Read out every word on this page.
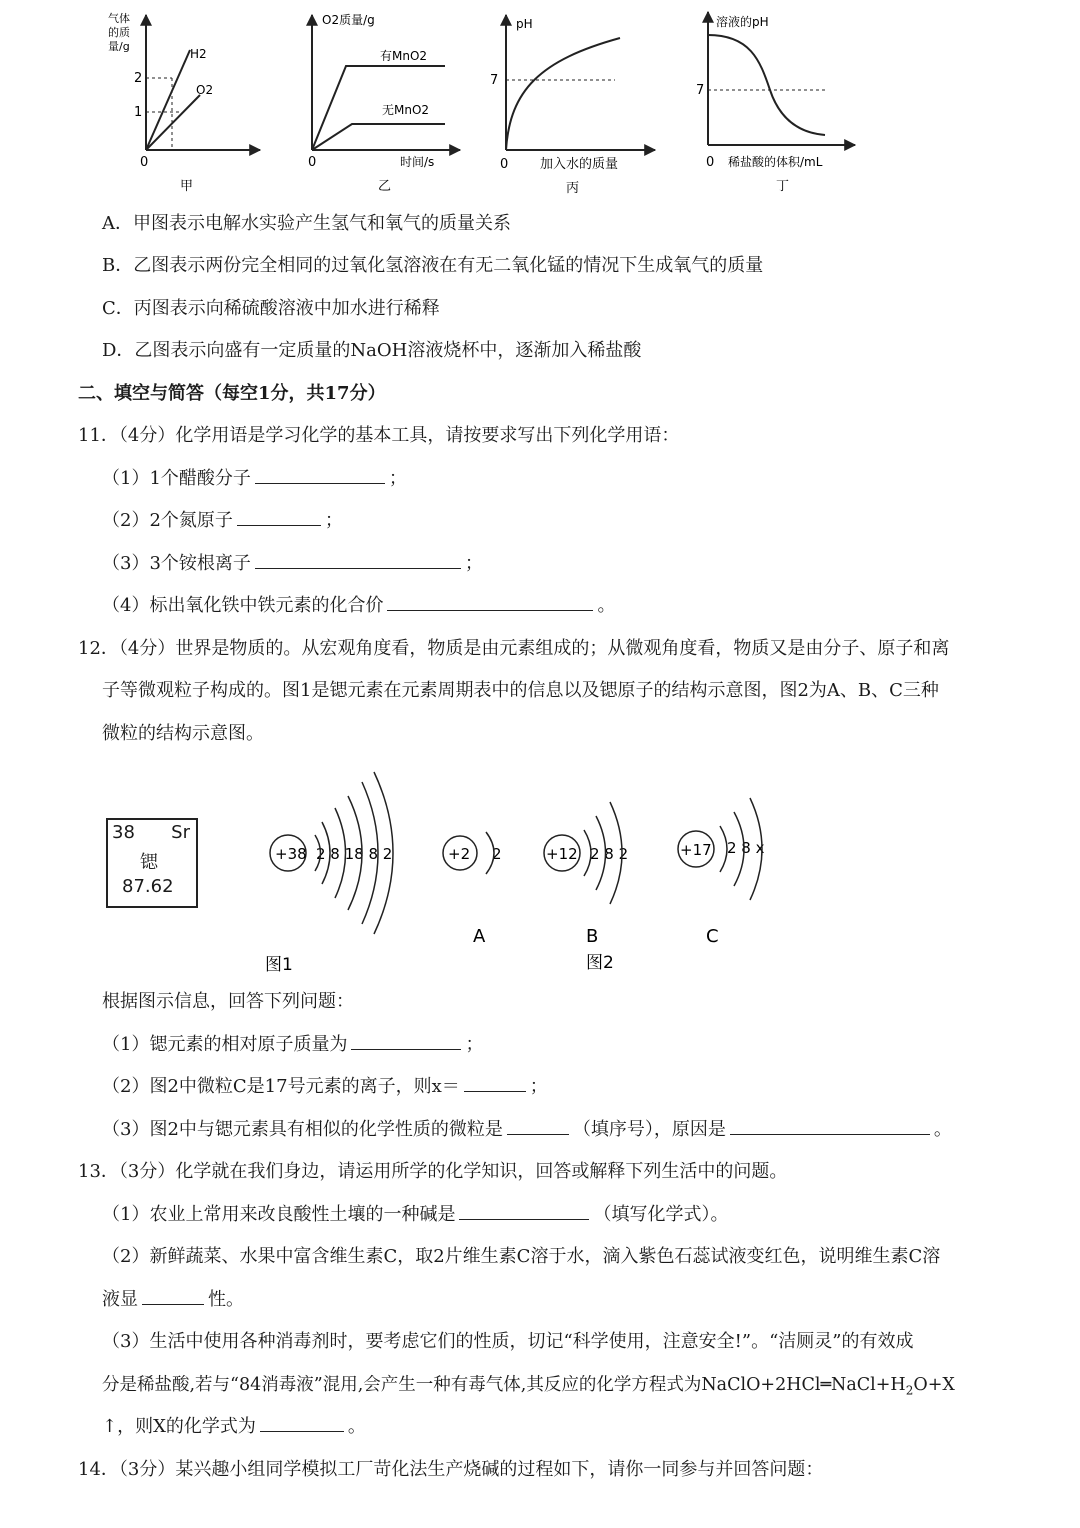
气体
的质
量/g
H2
O2
2
1
0
甲
O2质量/g
有MnO2
无MnO2
0	时间/s
乙
pH
7
0 加入水的质量
丙
溶液的pH
7
0 稀盐酸的体积/mL
丁
A．甲图表示电解水实验产生氢气和氧气的质量关系
B．乙图表示两份完全相同的过氧化氢溶液在有无二氧化锰的情况下生成氧气的质量
C．丙图表示向稀硫酸溶液中加水进行稀释
D．乙图表示向盛有一定质量的NaOH溶液烧杯中，逐渐加入稀盐酸
二、填空与简答（每空1分，共17分）
11．（4分）化学用语是学习化学的基本工具，请按要求写出下列化学用语：
（1）1个醋酸分子	；
（2）2个氮原子	；
（3）3个铵根离子	；
（4）标出氧化铁中铁元素的化合价	。
12．（4分）世界是物质的。从宏观角度看，物质是由元素组成的；从微观角度看，物质又是由分子、原子和离
子等微观粒子构成的。图1是锶元素在元素周期表中的信息以及锶原子的结构示意图，图2为A、B、C三种
微粒的结构示意图。
38 Sr
锶
87.62
+38 2 8 18 8 2	+2 2
A
+12 2 8 2
B
+17 2 8 x
C
图1	图2
根据图示信息，回答下列问题：
（1）锶元素的相对原子质量为	；
（2）图2中微粒C是17号元素的离子，则x＝	；
（3）图2中与锶元素具有相似的化学性质的微粒是	（填序号），原因是	。
13．（3分）化学就在我们身边，请运用所学的化学知识，回答或解释下列生活中的问题。
（1）农业上常用来改良酸性土壤的一种碱是	（填写化学式）。
（2）新鲜蔬菜、水果中富含维生素C，取2片维生素C溶于水，滴入紫色石蕊试液变红色，说明维生素C溶
液显	性。
（3）生活中使用各种消毒剂时，要考虑它们的性质，切记“科学使用，注意安全!”。“洁厕灵”的有效成
分是稀盐酸,若与“84消毒液”混用,会产生一种有毒气体,其反应的化学方程式为$NaClO+2HCl═NaCl+H_2O+X$
↑，则X的化学式为	。
14．（3分）某兴趣小组同学模拟工厂苛化法生产烧碱的过程如下，请你一同参与并回答问题：
